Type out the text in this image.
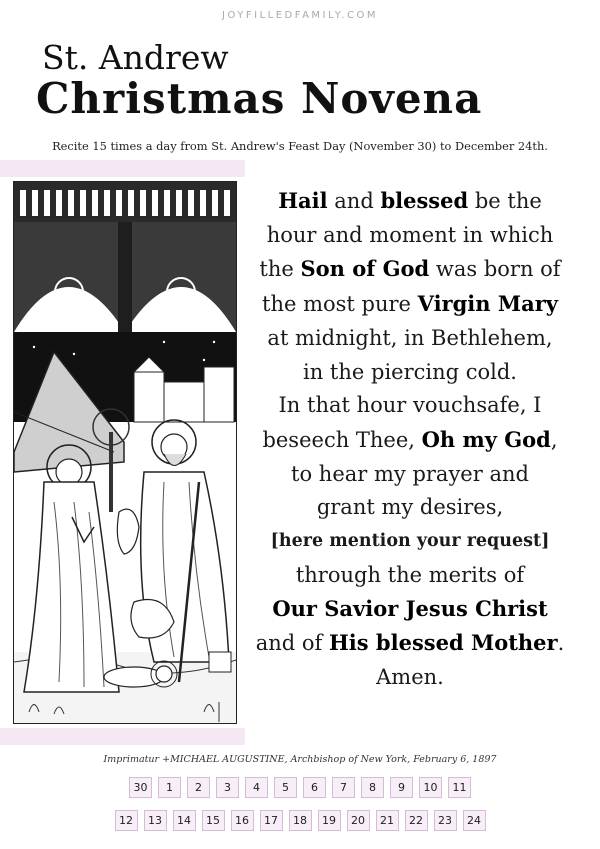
JOYFILLEDFAMILY.COM
St. Andrew
Christmas Novena
Recite 15 times a day from St. Andrew's Feast Day (November 30) to December 24th.
Hail and blessed be the
hour and moment in which
the Son of God was born of
the most pure Virgin Mary
at midnight, in Bethlehem,
in the piercing cold.
In that hour vouchsafe, I
beseech Thee, Oh my God,
to hear my prayer and
grant my desires,
[here mention your request]
through the merits of
Our Savior Jesus Christ
and of His blessed Mother.
Amen.
Imprimatur +MICHAEL AUGUSTINE, Archbishop of New York, February 6, 1897
30 1 2 3 4 5 6 7 8 9 10 11
12 13 14 15 16 17 18 19 20 21 22 23 24
